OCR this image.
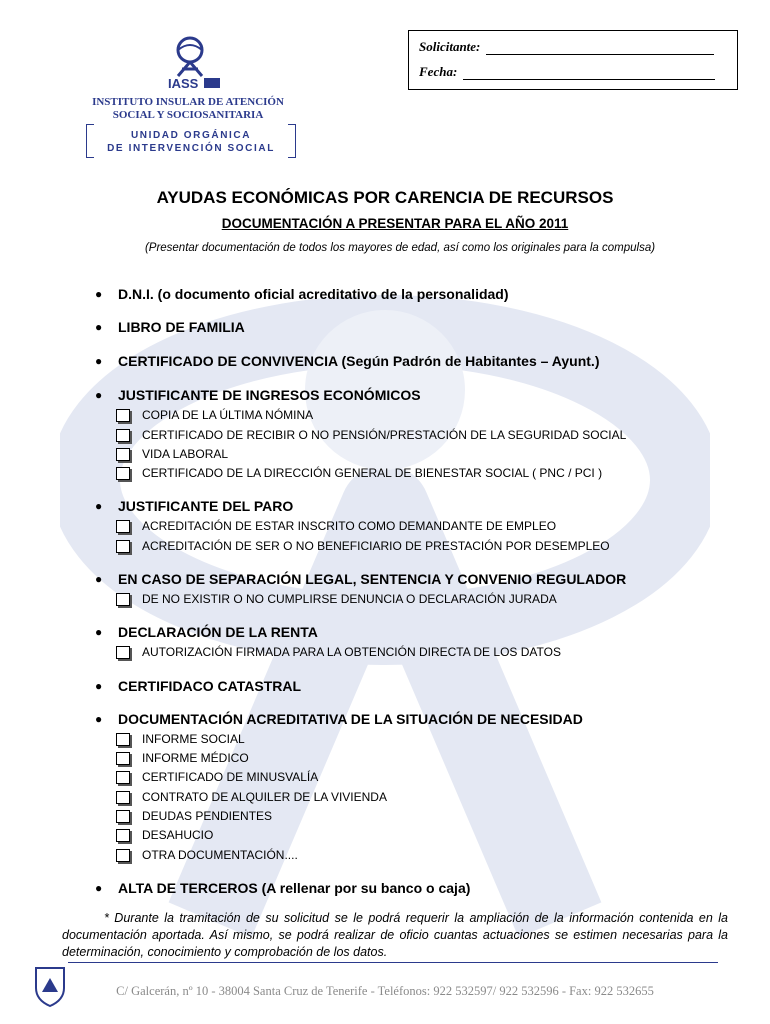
IASS
INSTITUTO INSULAR DE ATENCIÓN
SOCIAL Y SOCIOSANITARIA
UNIDAD ORGÁNICA
DE INTERVENCIÓN SOCIAL
Solicitante:
Fecha:
AYUDAS ECONÓMICAS POR CARENCIA DE RECURSOS
DOCUMENTACIÓN A PRESENTAR PARA EL AÑO 2011
(Presentar documentación de todos los mayores de edad, así como los originales para la compulsa)
● D.N.I. (o documento oficial acreditativo de la personalidad)
● LIBRO DE FAMILIA
● CERTIFICADO DE CONVIVENCIA (Según Padrón de Habitantes – Ayunt.)
● JUSTIFICANTE DE INGRESOS ECONÓMICOS
COPIA DE LA ÚLTIMA NÓMINA
CERTIFICADO DE RECIBIR O NO PENSIÓN/PRESTACIÓN DE LA SEGURIDAD SOCIAL
VIDA LABORAL
CERTIFICADO DE LA DIRECCIÓN GENERAL DE BIENESTAR SOCIAL ( PNC / PCI )
● JUSTIFICANTE DEL PARO
ACREDITACIÓN DE ESTAR INSCRITO COMO DEMANDANTE DE EMPLEO
ACREDITACIÓN DE SER O NO BENEFICIARIO DE PRESTACIÓN POR DESEMPLEO
● EN CASO DE SEPARACIÓN LEGAL, SENTENCIA Y CONVENIO REGULADOR
DE NO EXISTIR O NO CUMPLIRSE DENUNCIA O DECLARACIÓN JURADA
● DECLARACIÓN DE LA RENTA
AUTORIZACIÓN FIRMADA PARA LA OBTENCIÓN DIRECTA DE LOS DATOS
● CERTIFIDACO CATASTRAL
● DOCUMENTACIÓN ACREDITATIVA DE LA SITUACIÓN DE NECESIDAD
INFORME SOCIAL
INFORME MÉDICO
CERTIFICADO DE MINUSVALÍA
CONTRATO DE ALQUILER DE LA VIVIENDA
DEUDAS PENDIENTES
DESAHUCIO
OTRA DOCUMENTACIÓN....
● ALTA DE TERCEROS (A rellenar por su banco o caja)

* Durante la tramitación de su solicitud se le podrá requerir la ampliación de la información contenida en la documentación aportada. Así mismo, se podrá realizar de oficio cuantas actuaciones se estimen necesarias para la determinación, conocimiento y comprobación de los datos.

C/ Galcerán, nº 10 - 38004 Santa Cruz de Tenerife - Teléfonos: 922 532597/ 922 532596 - Fax: 922 532655
